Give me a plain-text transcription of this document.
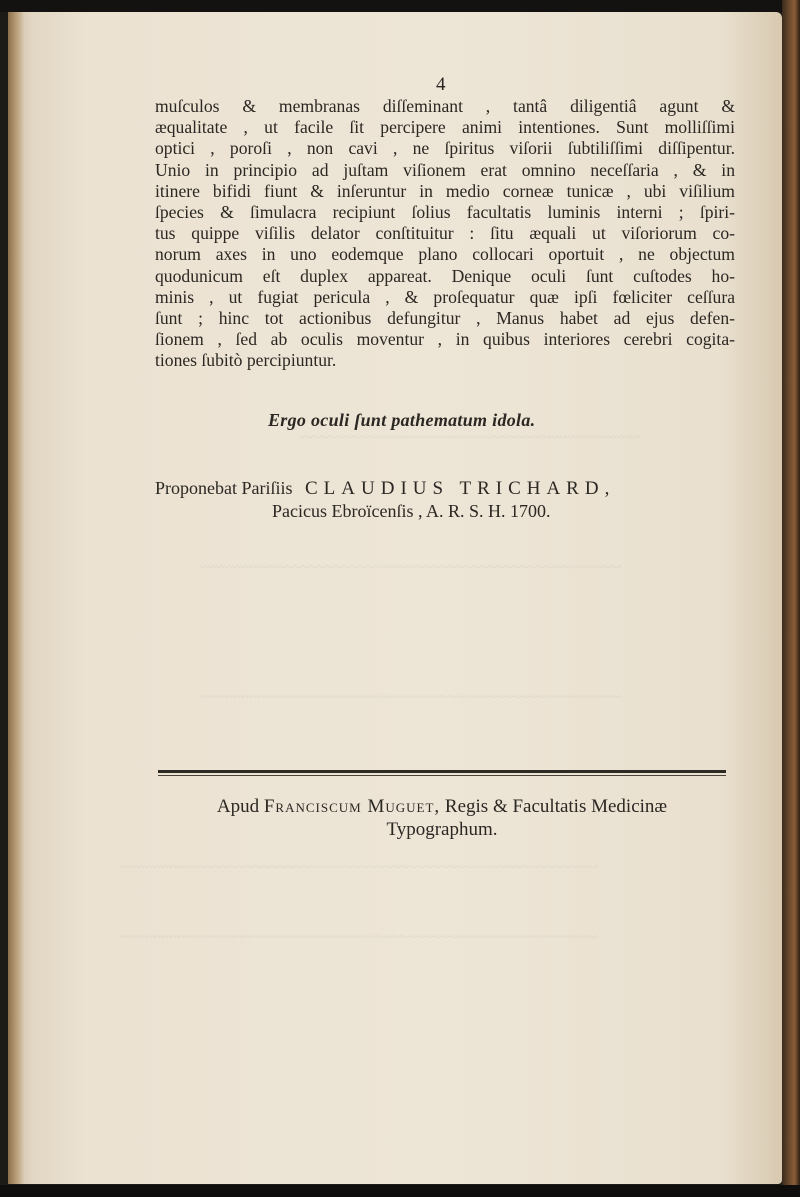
~~~~~~~~~~~~~~~~~~~~~~~~~~~~~~~~~~~~~~~~~~
~~~~~~~~~~~~~~~~~~~~~~~~~~~~~~~~~~~~~~~~~~~~~~~~~~~~
~~~~~~~~~~~~~~~~~~~~~~~~~~~~~~~~~~~~~~~~~~~~~~~~~~~~
~~~~~~~~~~~~~~~~~~~~~~~~~~~~~~~~~~~~~~~~~~~~~~~~~~~~~~~~~~~
~~~~~~~~~~~~~~~~~~~~~~~~~~~~~~~~~~~~~~~~~~~~~~~~~~~~~~~~~~~
4
muſculos & membranas diſſeminant , tantâ diligentiâ agunt &
æqualitate , ut facile ſit percipere animi intentiones. Sunt molliſſimi
optici , poroſi , non cavi , ne ſpiritus viſorii ſubtiliſſimi diſſipentur.
Unio in principio ad juſtam viſionem erat omnino neceſſaria , & in
itinere bifidi fiunt & inſeruntur in medio corneæ tunicæ , ubi viſilium
ſpecies & ſimulacra recipiunt ſolius facultatis luminis interni ; ſpiri-
tus quippe viſilis delator conſtituitur : ſitu æquali ut viſoriorum co-
norum axes in uno eodemque plano collocari oportuit , ne objectum
quodunicum eſt duplex appareat. Denique oculi ſunt cuſtodes ho-
minis , ut fugiat pericula , & proſequatur quæ ipſi fœliciter ceſſura
ſunt ; hinc tot actionibus defungitur , Manus habet ad ejus defen-
ſionem , ſed ab oculis moventur , in quibus interiores cerebri cogita-
tiones ſubitò percipiuntur.
Ergo oculi ſunt pathematum idola.
Proponebat Pariſiis CLAUDIUS TRICHARD,
Pacicus Ebroïcenſis , A. R. S. H. 1700.
Apud Franciscum Muguet, Regis & Facultatis Medicinæ
Typographum.
